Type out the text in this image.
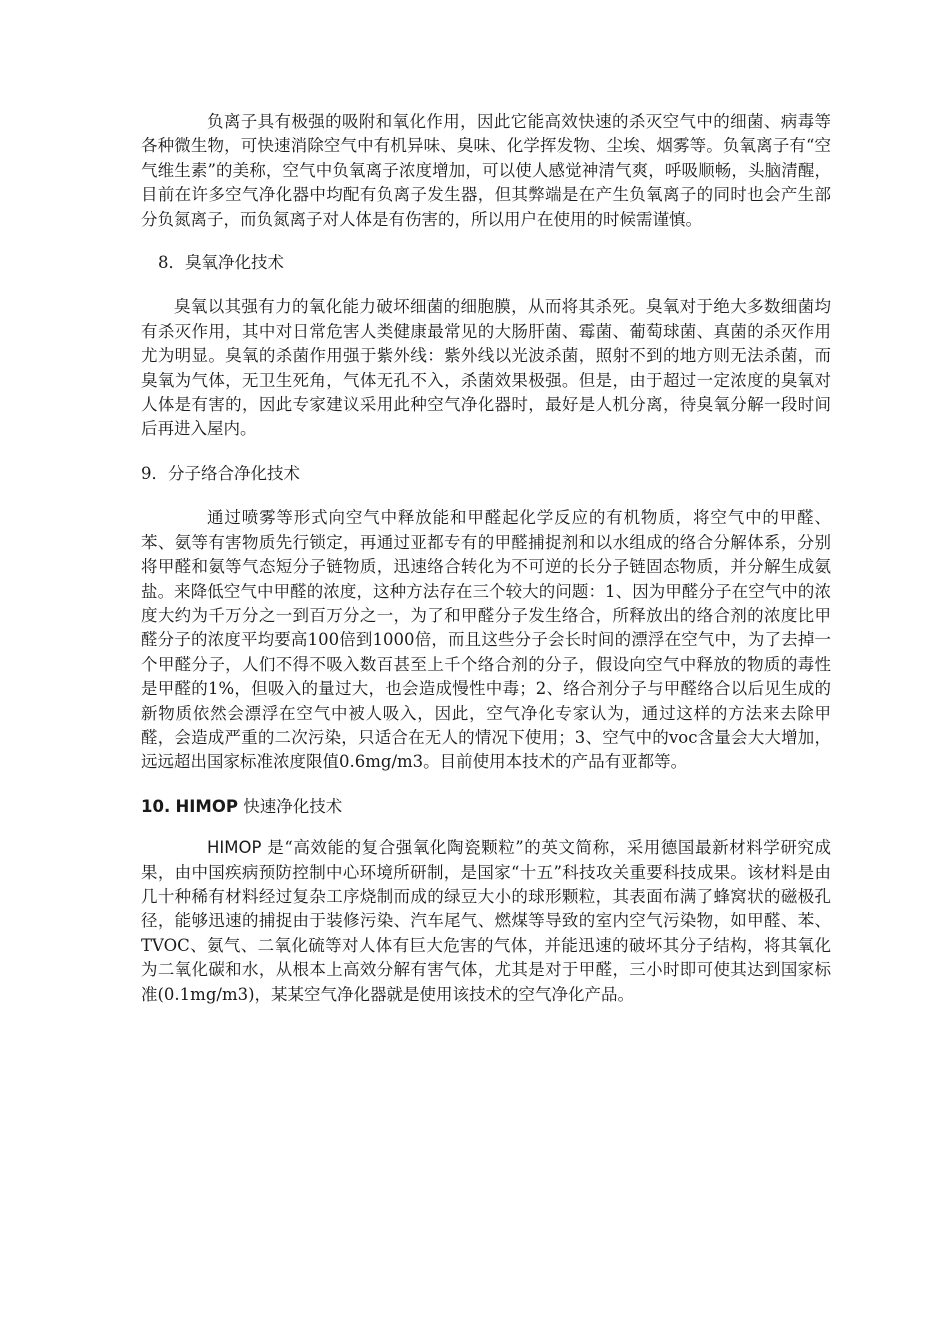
负离子具有极强的吸附和氧化作用，因此它能高效快速的杀灭空气中的细菌、病毒等各种微生物，可快速消除空气中有机异味、臭味、化学挥发物、尘埃、烟雾等。负氧离子有“空气维生素”的美称，空气中负氧离子浓度增加，可以使人感觉神清气爽，呼吸顺畅，头脑清醒，目前在许多空气净化器中均配有负离子发生器，但其弊端是在产生负氧离子的同时也会产生部分负氮离子，而负氮离子对人体是有伤害的，所以用户在使用的时候需谨慎。

8．臭氧净化技术

臭氧以其强有力的氧化能力破坏细菌的细胞膜，从而将其杀死。臭氧对于绝大多数细菌均有杀灭作用，其中对日常危害人类健康最常见的大肠肝菌、霉菌、葡萄球菌、真菌的杀灭作用尤为明显。臭氧的杀菌作用强于紫外线：紫外线以光波杀菌，照射不到的地方则无法杀菌，而臭氧为气体，无卫生死角，气体无孔不入，杀菌效果极强。但是，由于超过一定浓度的臭氧对人体是有害的，因此专家建议采用此种空气净化器时，最好是人机分离，待臭氧分解一段时间后再进入屋内。

9．分子络合净化技术

通过喷雾等形式向空气中释放能和甲醛起化学反应的有机物质，将空气中的甲醛、苯、氨等有害物质先行锁定，再通过亚都专有的甲醛捕捉剂和以水组成的络合分解体系，分别将甲醛和氨等气态短分子链物质，迅速络合转化为不可逆的长分子链固态物质，并分解生成氨盐。来降低空气中甲醛的浓度，这种方法存在三个较大的问题：1、因为甲醛分子在空气中的浓度大约为千万分之一到百万分之一，为了和甲醛分子发生络合，所释放出的络合剂的浓度比甲醛分子的浓度平均要高100倍到1000倍，而且这些分子会长时间的漂浮在空气中，为了去掉一个甲醛分子，人们不得不吸入数百甚至上千个络合剂的分子，假设向空气中释放的物质的毒性是甲醛的1%，但吸入的量过大，也会造成慢性中毒；2、络合剂分子与甲醛络合以后见生成的新物质依然会漂浮在空气中被人吸入，因此，空气净化专家认为，通过这样的方法来去除甲醛，会造成严重的二次污染，只适合在无人的情况下使用；3、空气中的voc含量会大大增加，远远超出国家标准浓度限值0.6mg/m3。目前使用本技术的产品有亚都等。

10. HIMOP 快速净化技术

HIMOP 是“高效能的复合强氧化陶瓷颗粒”的英文简称，采用德国最新材料学研究成果，由中国疾病预防控制中心环境所研制，是国家“十五”科技攻关重要科技成果。该材料是由几十种稀有材料经过复杂工序烧制而成的绿豆大小的球形颗粒，其表面布满了蜂窝状的磁极孔径，能够迅速的捕捉由于装修污染、汽车尾气、燃煤等导致的室内空气污染物，如甲醛、苯、TVOC、氨气、二氧化硫等对人体有巨大危害的气体，并能迅速的破坏其分子结构，将其氧化为二氧化碳和水，从根本上高效分解有害气体，尤其是对于甲醛，三小时即可使其达到国家标准(0.1mg/m3)，某某空气净化器就是使用该技术的空气净化产品。
